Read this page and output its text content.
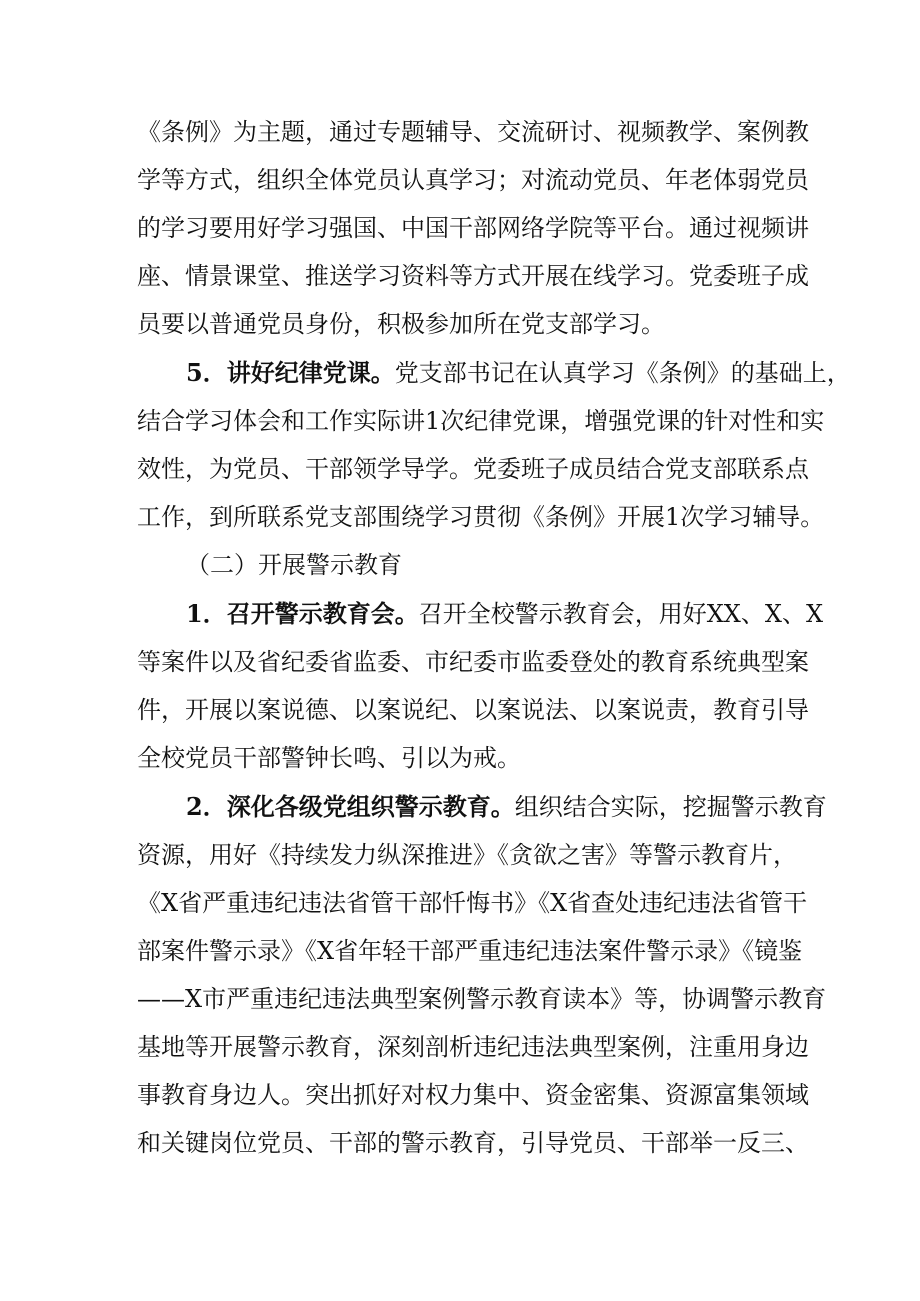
《条例》为主题，通过专题辅导、交流研讨、视频教学、案例教
学等方式，组织全体党员认真学习；对流动党员、年老体弱党员
的学习要用好学习强国、中国干部网络学院等平台。通过视频讲
座、情景课堂、推送学习资料等方式开展在线学习。党委班子成
员要以普通党员身份，积极参加所在党支部学习。
5．讲好纪律党课。党支部书记在认真学习《条例》的基础上，
结合学习体会和工作实际讲1次纪律党课，增强党课的针对性和实
效性，为党员、干部领学导学。党委班子成员结合党支部联系点
工作，到所联系党支部围绕学习贯彻《条例》开展1次学习辅导。
（二）开展警示教育
1．召开警示教育会。召开全校警示教育会，用好XX、X、X
等案件以及省纪委省监委、市纪委市监委登处的教育系统典型案
件，开展以案说德、以案说纪、以案说法、以案说责，教育引导
全校党员干部警钟长鸣、引以为戒。
2．深化各级党组织警示教育。组织结合实际，挖掘警示教育
资源，用好《持续发力纵深推进》《贪欲之害》等警示教育片，
《X省严重违纪违法省管干部忏悔书》《X省查处违纪违法省管干
部案件警示录》《X省年轻干部严重违纪违法案件警示录》《镜鉴
——X市严重违纪违法典型案例警示教育读本》等，协调警示教育
基地等开展警示教育，深刻剖析违纪违法典型案例，注重用身边
事教育身边人。突出抓好对权力集中、资金密集、资源富集领域
和关键岗位党员、干部的警示教育，引导党员、干部举一反三、
